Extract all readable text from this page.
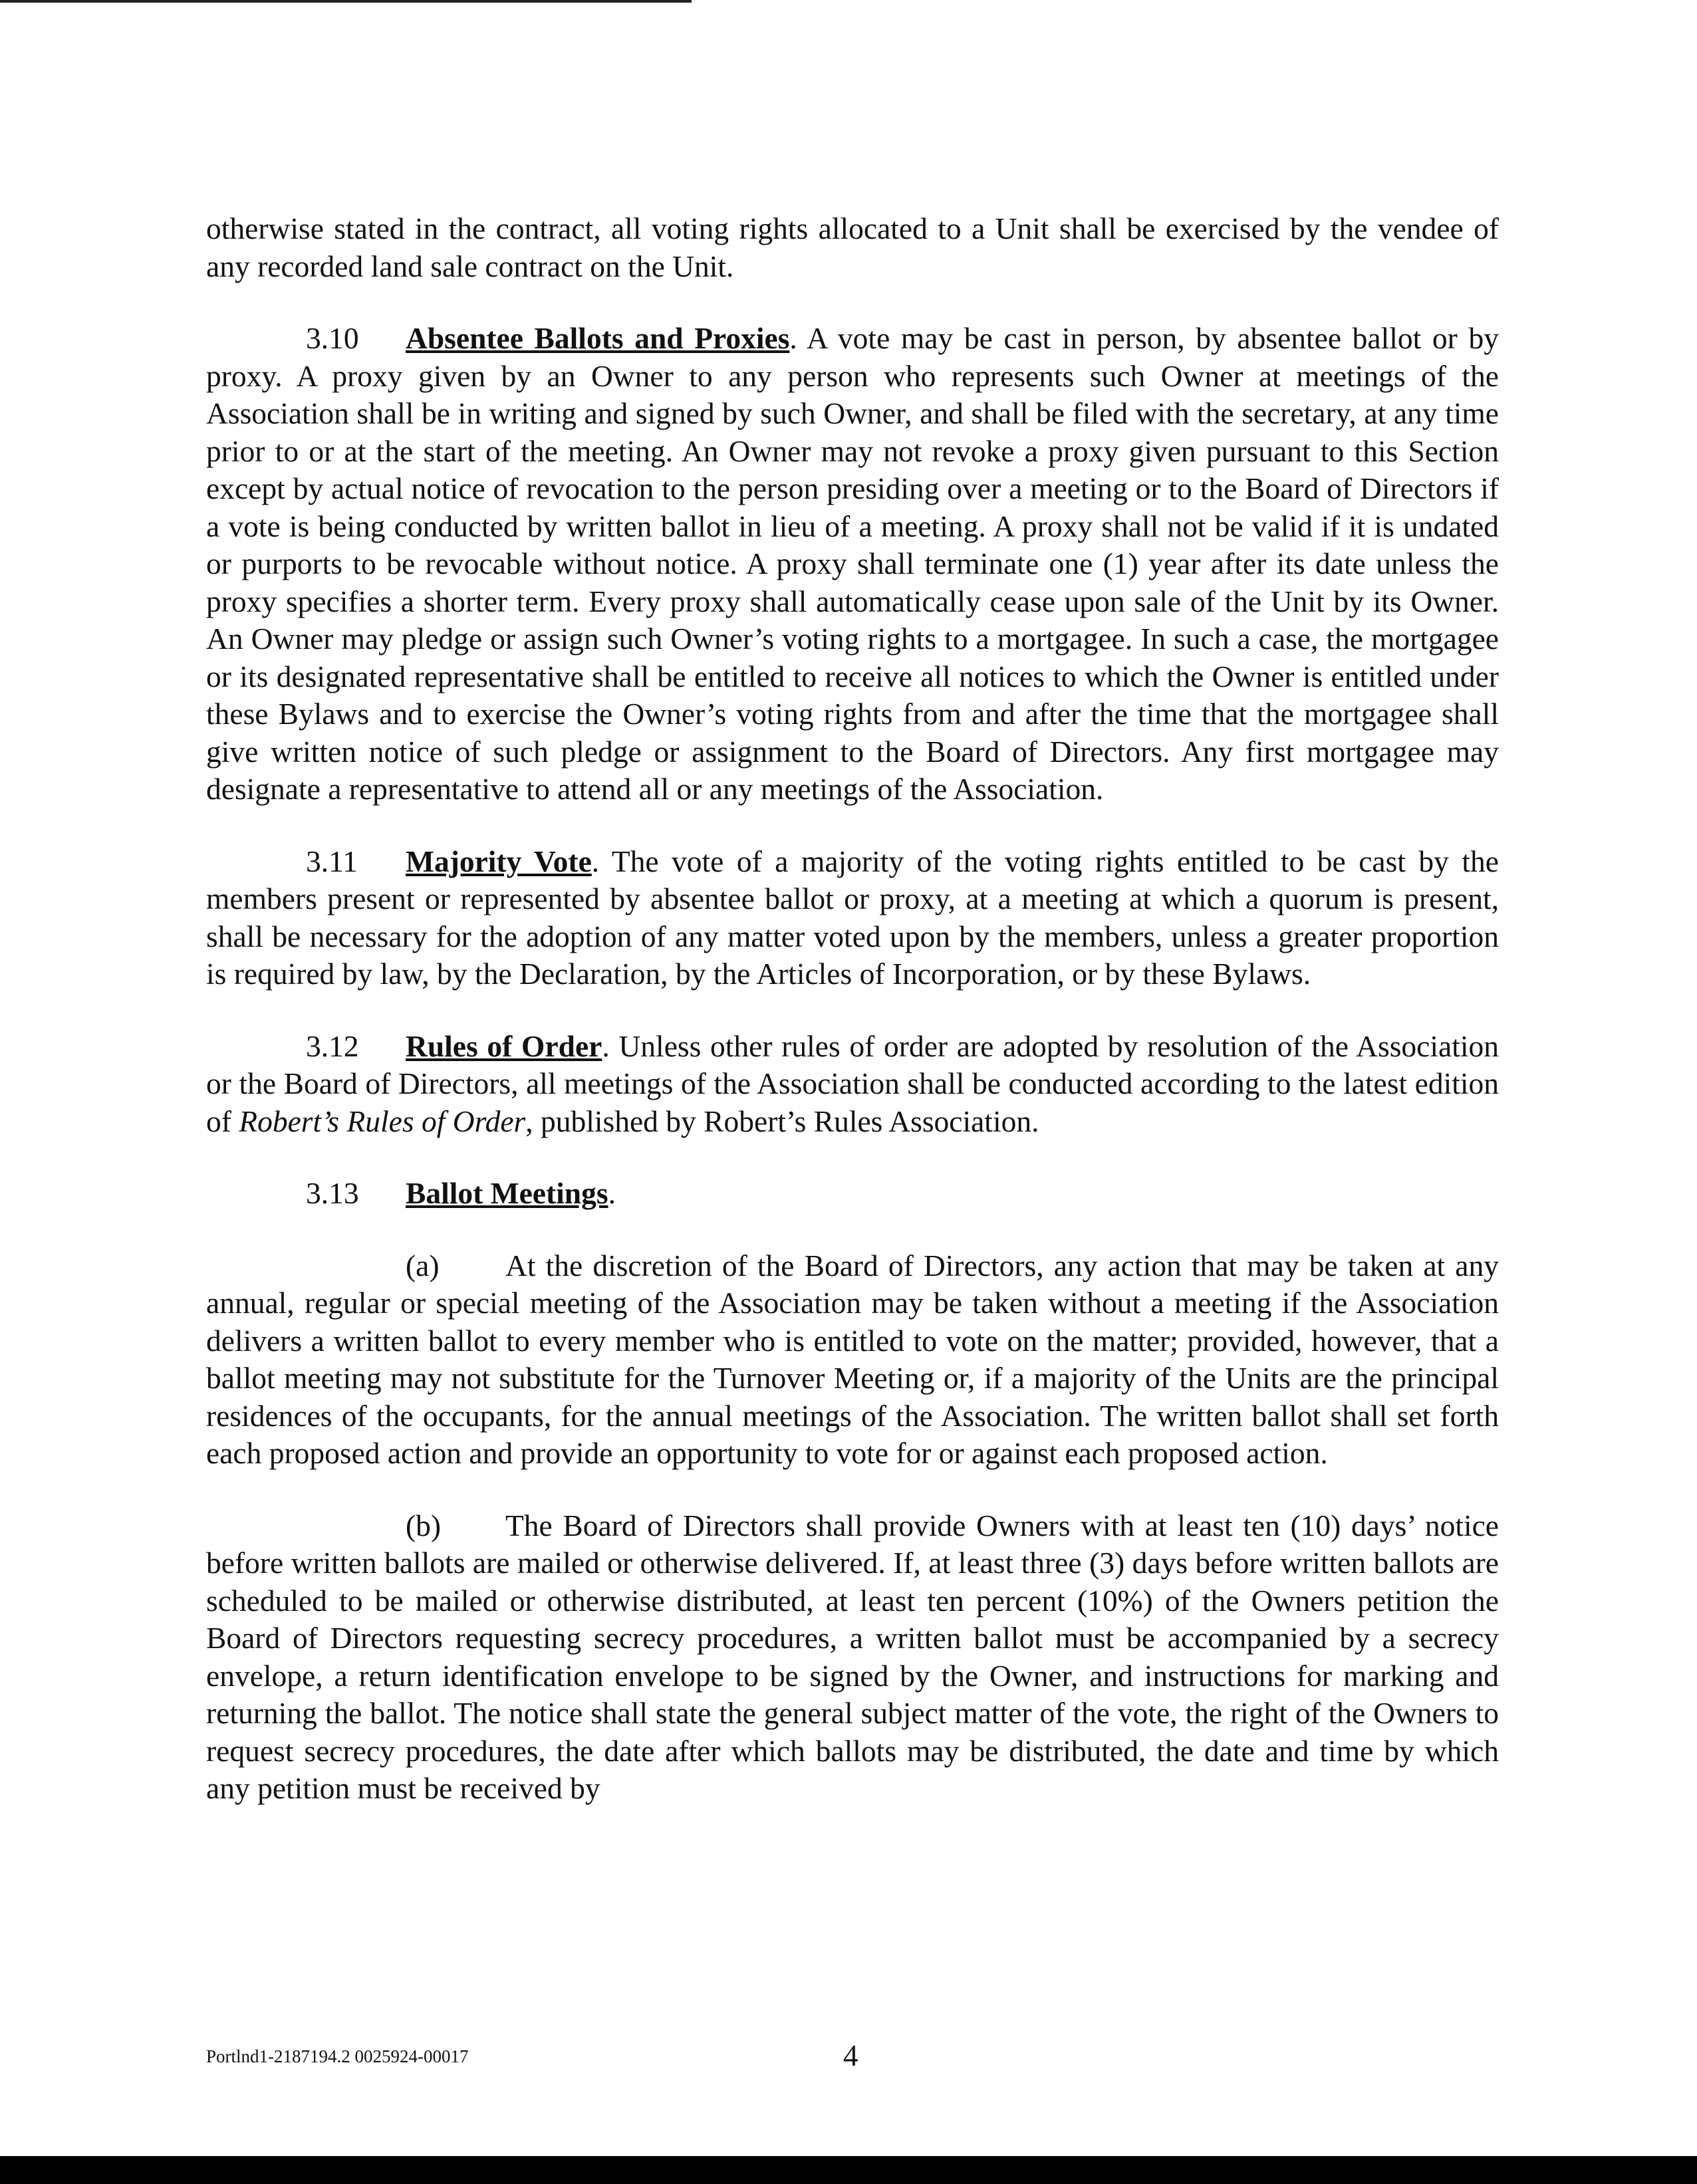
otherwise stated in the contract, all voting rights allocated to a Unit shall be exercised by the vendee of any recorded land sale contract on the Unit.

3.10 Absentee Ballots and Proxies. A vote may be cast in person, by absentee ballot or by proxy. A proxy given by an Owner to any person who represents such Owner at meetings of the Association shall be in writing and signed by such Owner, and shall be filed with the secretary, at any time prior to or at the start of the meeting. An Owner may not revoke a proxy given pursuant to this Section except by actual notice of revocation to the person presiding over a meeting or to the Board of Directors if a vote is being conducted by written ballot in lieu of a meeting. A proxy shall not be valid if it is undated or purports to be revocable without notice. A proxy shall terminate one (1) year after its date unless the proxy specifies a shorter term. Every proxy shall automatically cease upon sale of the Unit by its Owner. An Owner may pledge or assign such Owner’s voting rights to a mortgagee. In such a case, the mortgagee or its designated representative shall be entitled to receive all notices to which the Owner is entitled under these Bylaws and to exercise the Owner’s voting rights from and after the time that the mortgagee shall give written notice of such pledge or assignment to the Board of Directors. Any first mortgagee may designate a representative to attend all or any meetings of the Association.

3.11 Majority Vote. The vote of a majority of the voting rights entitled to be cast by the members present or represented by absentee ballot or proxy, at a meeting at which a quorum is present, shall be necessary for the adoption of any matter voted upon by the members, unless a greater proportion is required by law, by the Declaration, by the Articles of Incorporation, or by these Bylaws.

3.12 Rules of Order. Unless other rules of order are adopted by resolution of the Association or the Board of Directors, all meetings of the Association shall be conducted according to the latest edition of Robert’s Rules of Order, published by Robert’s Rules Association.

3.13 Ballot Meetings.

(a) At the discretion of the Board of Directors, any action that may be taken at any annual, regular or special meeting of the Association may be taken without a meeting if the Association delivers a written ballot to every member who is entitled to vote on the matter; provided, however, that a ballot meeting may not substitute for the Turnover Meeting or, if a majority of the Units are the principal residences of the occupants, for the annual meetings of the Association. The written ballot shall set forth each proposed action and provide an opportunity to vote for or against each proposed action.

(b) The Board of Directors shall provide Owners with at least ten (10) days’ notice before written ballots are mailed or otherwise delivered. If, at least three (3) days before written ballots are scheduled to be mailed or otherwise distributed, at least ten percent (10%) of the Owners petition the Board of Directors requesting secrecy procedures, a written ballot must be accompanied by a secrecy envelope, a return identification envelope to be signed by the Owner, and instructions for marking and returning the ballot. The notice shall state the general subject matter of the vote, the right of the Owners to request secrecy procedures, the date after which ballots may be distributed, the date and time by which any petition must be received by

Portlnd1-2187194.2 0025924-00017	4
